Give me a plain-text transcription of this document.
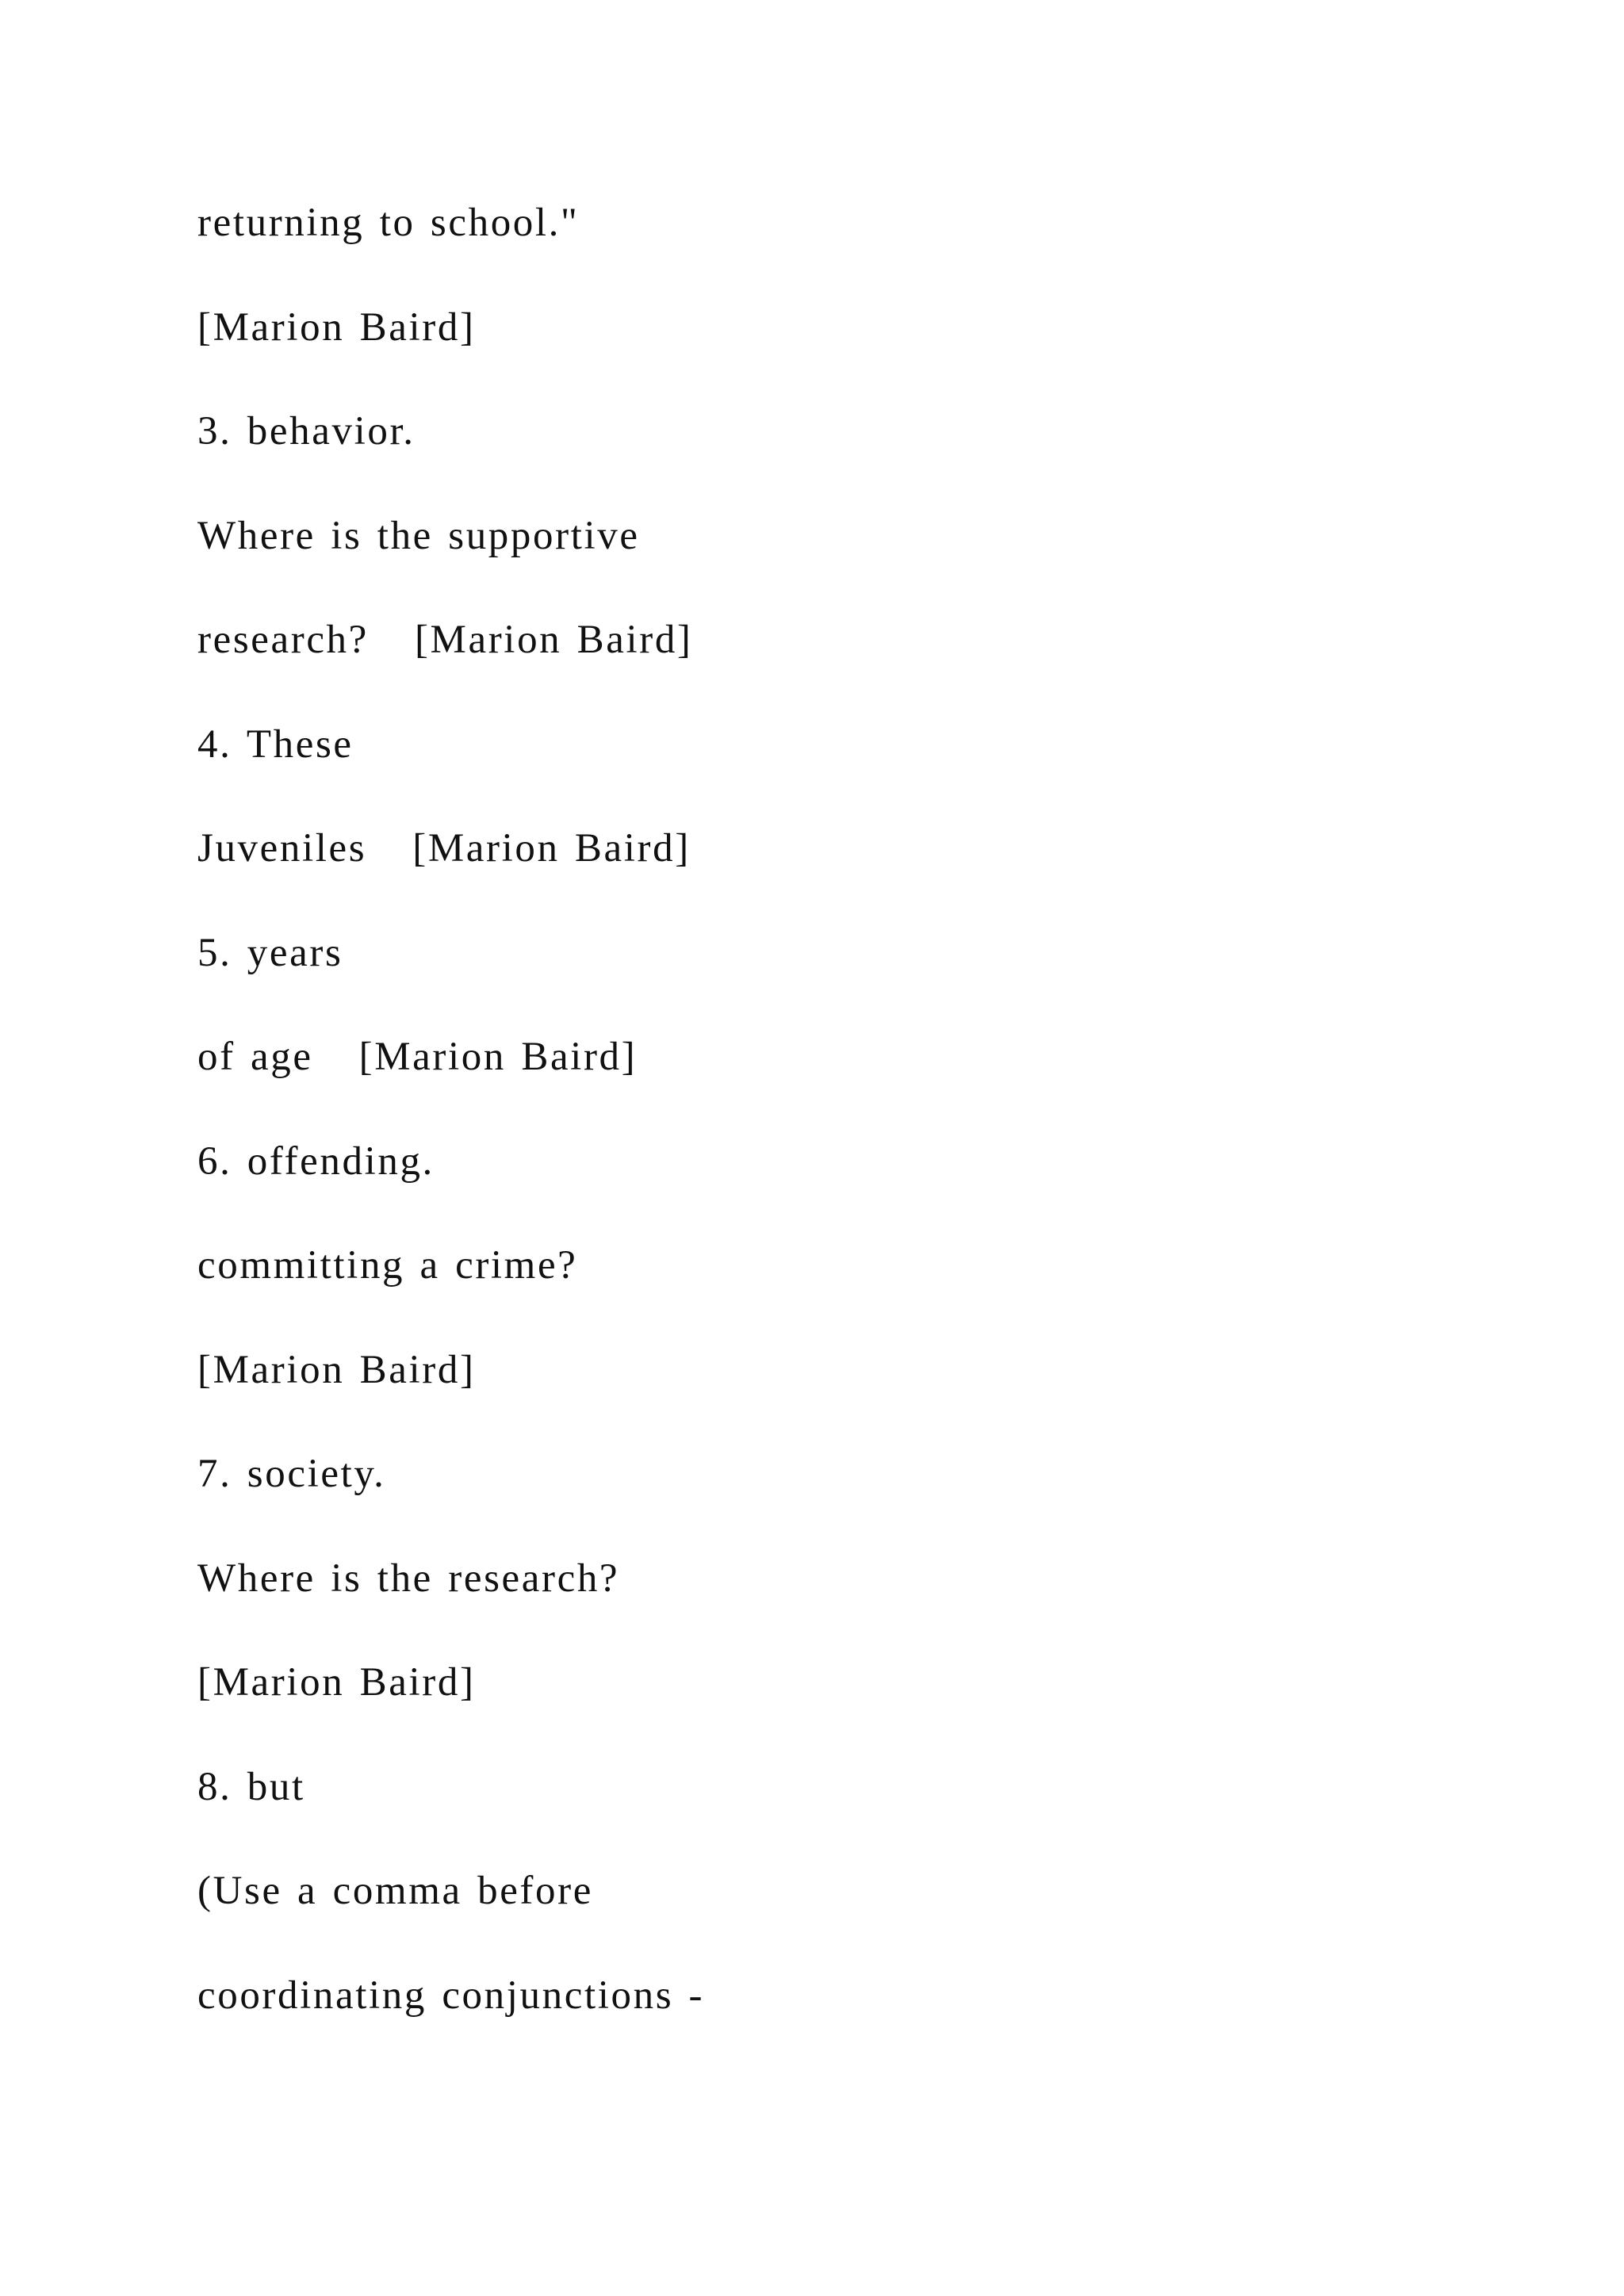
returning to school."
[Marion Baird]
3. behavior.
Where is the supportive
research?   [Marion Baird]
4. These
Juveniles   [Marion Baird]
5. years
of age   [Marion Baird]
6. offending.
committing a crime?
[Marion Baird]
7. society.
Where is the research?
[Marion Baird]
8. but
(Use a comma before
coordinating conjunctions -
